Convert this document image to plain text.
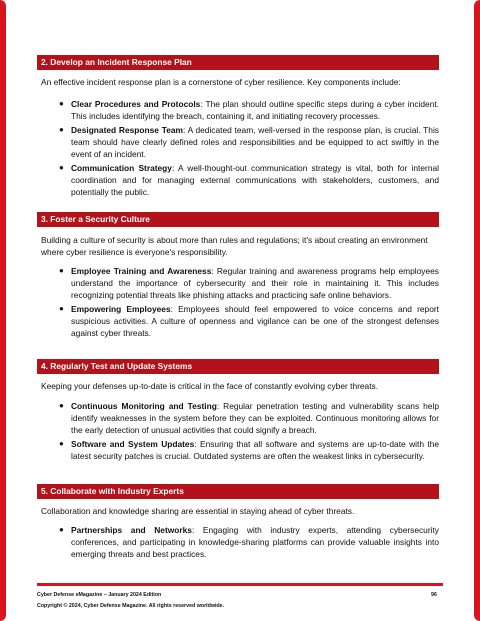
2. Develop an Incident Response Plan

An effective incident response plan is a cornerstone of cyber resilience. Key components include:

● Clear Procedures and Protocols: The plan should outline specific steps during a cyber incident. This includes identifying the breach, containing it, and initiating recovery processes.
● Designated Response Team: A dedicated team, well-versed in the response plan, is crucial. This team should have clearly defined roles and responsibilities and be equipped to act swiftly in the event of an incident.
● Communication Strategy: A well-thought-out communication strategy is vital, both for internal coordination and for managing external communications with stakeholders, customers, and potentially the public.
3. Foster a Security Culture

Building a culture of security is about more than rules and regulations; it's about creating an environment where cyber resilience is everyone's responsibility.

● Employee Training and Awareness: Regular training and awareness programs help employees understand the importance of cybersecurity and their role in maintaining it. This includes recognizing potential threats like phishing attacks and practicing safe online behaviors.
● Empowering Employees: Employees should feel empowered to voice concerns and report suspicious activities. A culture of openness and vigilance can be one of the strongest defenses against cyber threats.
4. Regularly Test and Update Systems

Keeping your defenses up-to-date is critical in the face of constantly evolving cyber threats.

● Continuous Monitoring and Testing: Regular penetration testing and vulnerability scans help identify weaknesses in the system before they can be exploited. Continuous monitoring allows for the early detection of unusual activities that could signify a breach.
● Software and System Updates: Ensuring that all software and systems are up-to-date with the latest security patches is crucial. Outdated systems are often the weakest links in cybersecurity.
5. Collaborate with Industry Experts

Collaboration and knowledge sharing are essential in staying ahead of cyber threats.

● Partnerships and Networks: Engaging with industry experts, attending cybersecurity conferences, and participating in knowledge-sharing platforms can provide valuable insights into emerging threats and best practices.
Cyber Defense eMagazine – January 2024 Edition
Copyright © 2024, Cyber Defense Magazine. All rights reserved worldwide.
96
